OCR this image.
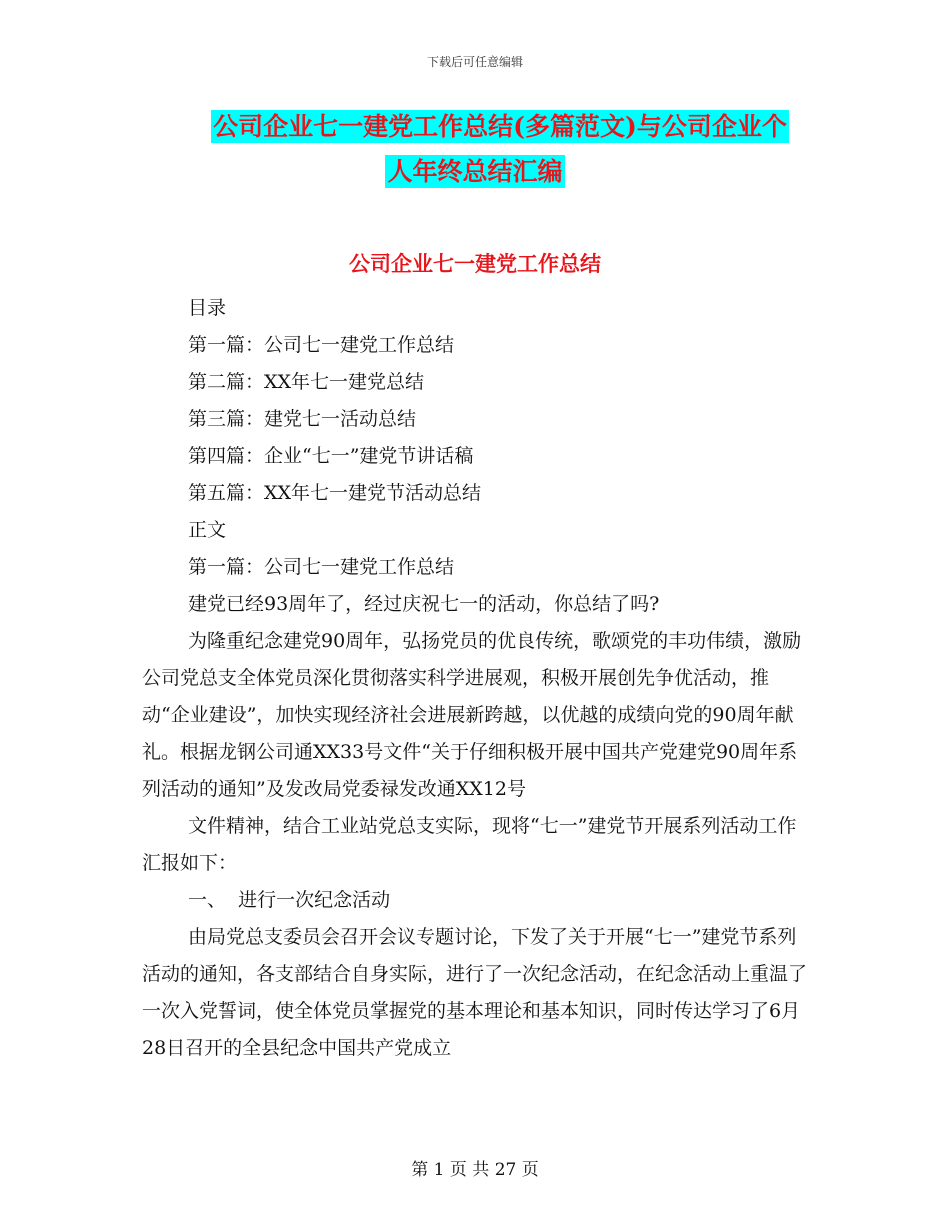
下载后可任意编辑
公司企业七一建党工作总结(多篇范文)与公司企业个
人年终总结汇编
公司企业七一建党工作总结

目录

第一篇：公司七一建党工作总结

第二篇：XX年七一建党总结

第三篇：建党七一活动总结

第四篇：企业“七一”建党节讲话稿

第五篇：XX年七一建党节活动总结

正文

第一篇：公司七一建党工作总结

建党已经93周年了，经过庆祝七一的活动，你总结了吗?

为隆重纪念建党90周年，弘扬党员的优良传统，歌颂党的丰功伟绩，激励公司党总支全体党员深化贯彻落实科学进展观，积极开展创先争优活动，推动“企业建设”，加快实现经济社会进展新跨越，以优越的成绩向党的90周年献礼。根据龙钢公司通XX33号文件“关于仔细积极开展中国共产党建党90周年系列活动的通知”及发改局党委禄发改通XX12号

文件精神，结合工业站党总支实际，现将“七一”建党节开展系列活动工作汇报如下：

一、  进行一次纪念活动

由局党总支委员会召开会议专题讨论，下发了关于开展“七一”建党节系列活动的通知，各支部结合自身实际，进行了一次纪念活动，在纪念活动上重温了一次入党誓词，使全体党员掌握党的基本理论和基本知识，同时传达学习了6月28日召开的全县纪念中国共产党成立

第 1 页 共 27 页
